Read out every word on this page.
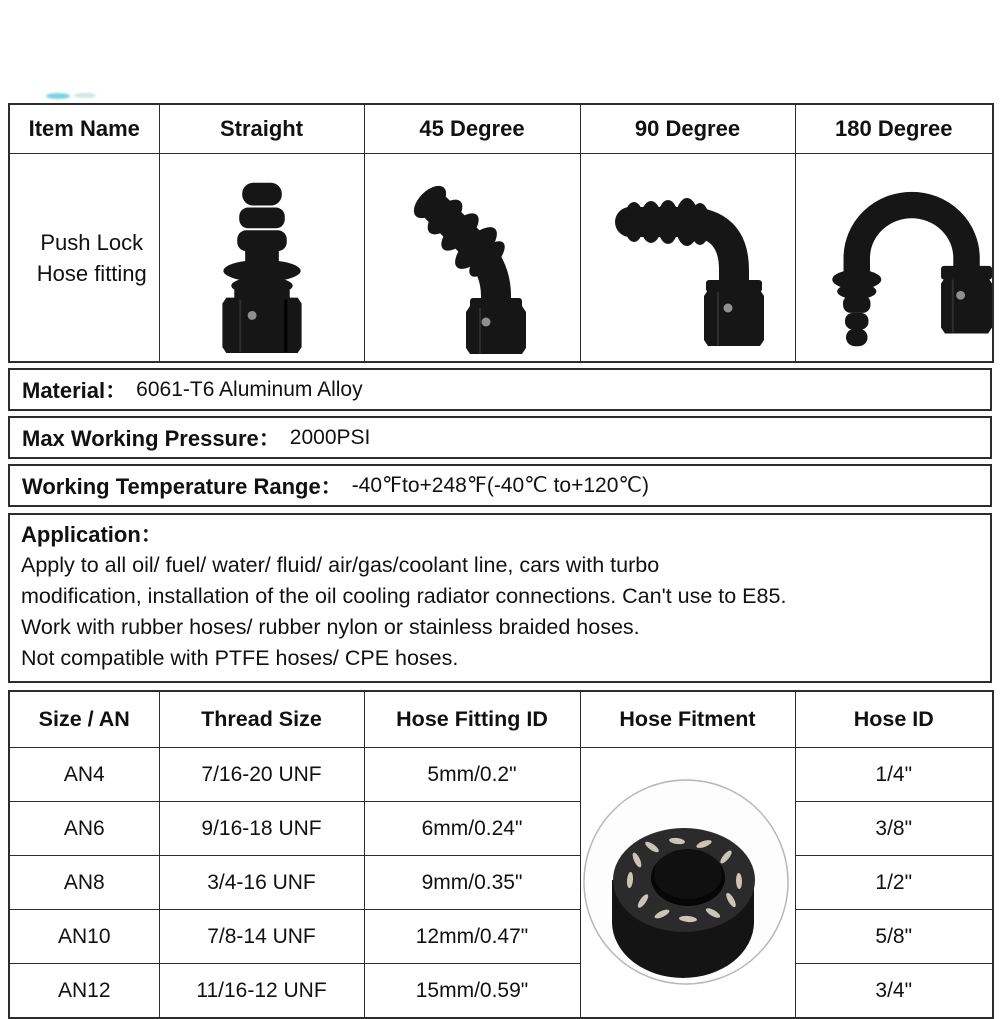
Item Name	Straight	45 Degree	90 Degree	180 Degree

Push Lock
Hose fitting

Material： 6061-T6 Aluminum Alloy
Max Working Pressure： 2000PSI
Working Temperature Range： -40℉to+248℉(-40℃ to+120℃)
Application：
Apply to all oil/ fuel/ water/ fluid/ air/gas/coolant line, cars with turbo
modification, installation of the oil cooling radiator connections. Can't use to E85.
Work with rubber hoses/ rubber nylon or stainless braided hoses.
Not compatible with PTFE hoses/ CPE hoses.
Size / AN	Thread Size	Hose Fitting ID	Hose Fitment	Hose ID
AN4	7/16-20 UNF	5mm/0.2"		1/4"
AN6	9/16-18 UNF	6mm/0.24"		3/8"
AN8	3/4-16 UNF	9mm/0.35"		1/2"
AN10	7/8-14 UNF	12mm/0.47"		5/8"
AN12	11/16-12 UNF	15mm/0.59"		3/4"
